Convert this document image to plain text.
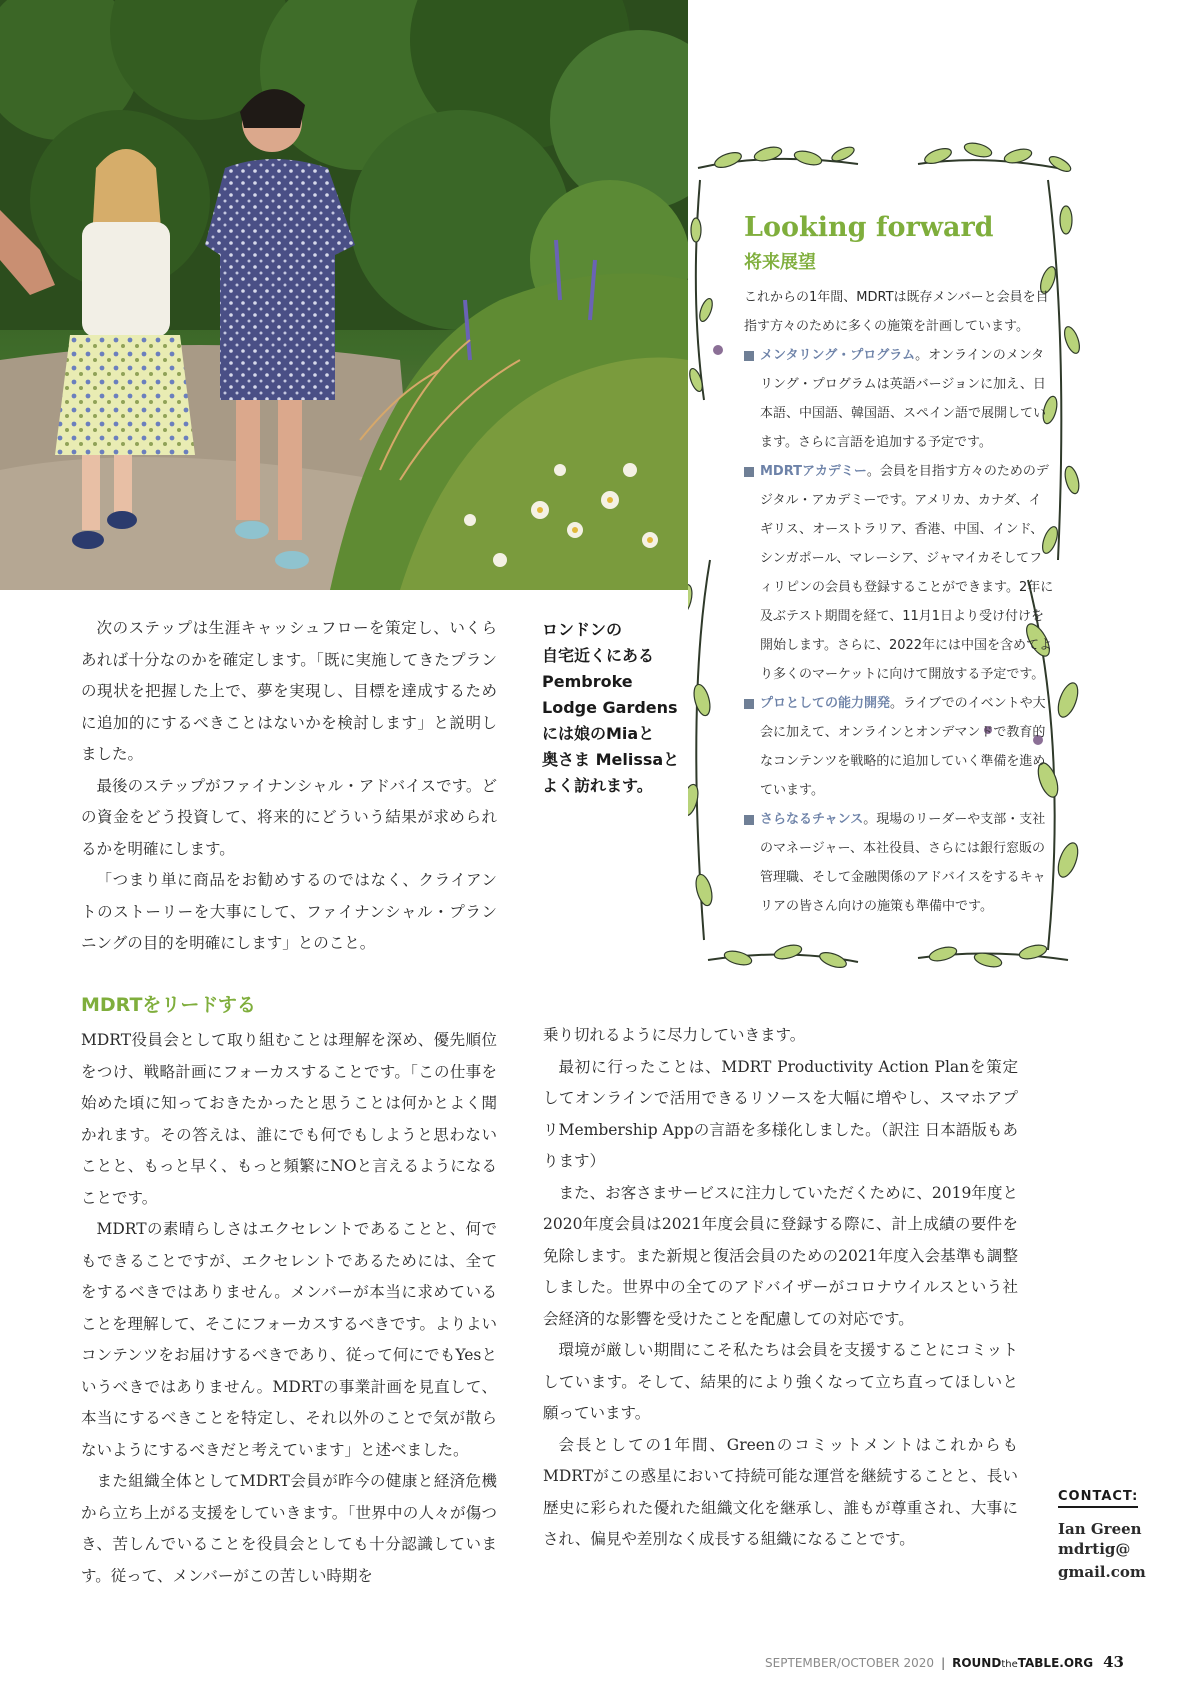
ロンドンの
自宅近くにある
Pembroke
Lodge Gardens
には娘のMiaと
奥さま Melissaと
よく訪れます。
Looking forward
将来展望
これからの1年間、MDRTは既存メンバーと会員を目指す方々のために多くの施策を計画しています。
メンタリング・プログラム。オンラインのメンタリング・プログラムは英語バージョンに加え、日本語、中国語、韓国語、スペイン語で展開しています。さらに言語を追加する予定です。
MDRTアカデミー。会員を目指す方々のためのデジタル・アカデミーです。アメリカ、カナダ、イギリス、オーストラリア、香港、中国、インド、シンガポール、マレーシア、ジャマイカそしてフィリピンの会員も登録することができます。2年に及ぶテスト期間を経て、11月1日より受け付けを開始します。さらに、2022年には中国を含めてより多くのマーケットに向けて開放する予定です。
プロとしての能力開発。ライブでのイベントや大会に加えて、オンラインとオンデマンドで教育的なコンテンツを戦略的に追加していく準備を進めています。
さらなるチャンス。現場のリーダーや支部・支社のマネージャー、本社役員、さらには銀行窓販の管理職、そして金融関係のアドバイスをするキャリアの皆さん向けの施策も準備中です。

次のステップは生涯キャッシュフローを策定し、いくらあれば十分なのかを確定します。「既に実施してきたプランの現状を把握した上で、夢を実現し、目標を達成するために追加的にするべきことはないかを検討します」と説明しました。

最後のステップがファイナンシャル・アドバイスです。どの資金をどう投資して、将来的にどういう結果が求められるかを明確にします。

「つまり単に商品をお勧めするのではなく、クライアントのストーリーを大事にして、ファイナンシャル・プランニングの目的を明確にします」とのこと。

MDRTをリードする

MDRT役員会として取り組むことは理解を深め、優先順位をつけ、戦略計画にフォーカスすることです。「この仕事を始めた頃に知っておきたかったと思うことは何かとよく聞かれます。その答えは、誰にでも何でもしようと思わないことと、もっと早く、もっと頻繁にNOと言えるようになることです。

MDRTの素晴らしさはエクセレントであることと、何でもできることですが、エクセレントであるためには、全てをするべきではありません。メンバーが本当に求めていることを理解して、そこにフォーカスするべきです。よりよいコンテンツをお届けするべきであり、従って何にでもYesというべきではありません。MDRTの事業計画を見直して、本当にするべきことを特定し、それ以外のことで気が散らないようにするべきだと考えています」と述べました。

また組織全体としてMDRT会員が昨今の健康と経済危機から立ち上がる支援をしていきます。「世界中の人々が傷つき、苦しんでいることを役員会としても十分認識しています。従って、メンバーがこの苦しい時期を

乗り切れるように尽力していきます。

最初に行ったことは、MDRT Productivity Action Planを策定してオンラインで活用できるリソースを大幅に増やし、スマホアプリMembership Appの言語を多様化しました。（訳注 日本語版もあります）

また、お客さまサービスに注力していただくために、2019年度と2020年度会員は2021年度会員に登録する際に、計上成績の要件を免除します。また新規と復活会員のための2021年度入会基準も調整しました。世界中の全てのアドバイザーがコロナウイルスという社会経済的な影響を受けたことを配慮しての対応です。

環境が厳しい期間にこそ私たちは会員を支援することにコミットしています。そして、結果的により強くなって立ち直ってほしいと願っています。

会長としての1年間、Greenのコミットメントはこれからも MDRTがこの惑星において持続可能な運営を継続することと、長い歴史に彩られた優れた組織文化を継承し、誰もが尊重され、大事にされ、偏見や差別なく成長する組織になることです。

CONTACT:
Ian Green
mdrtig@
gmail.com
SEPTEMBER/OCTOBER 2020 | ROUNDtheTABLE.ORG 43
